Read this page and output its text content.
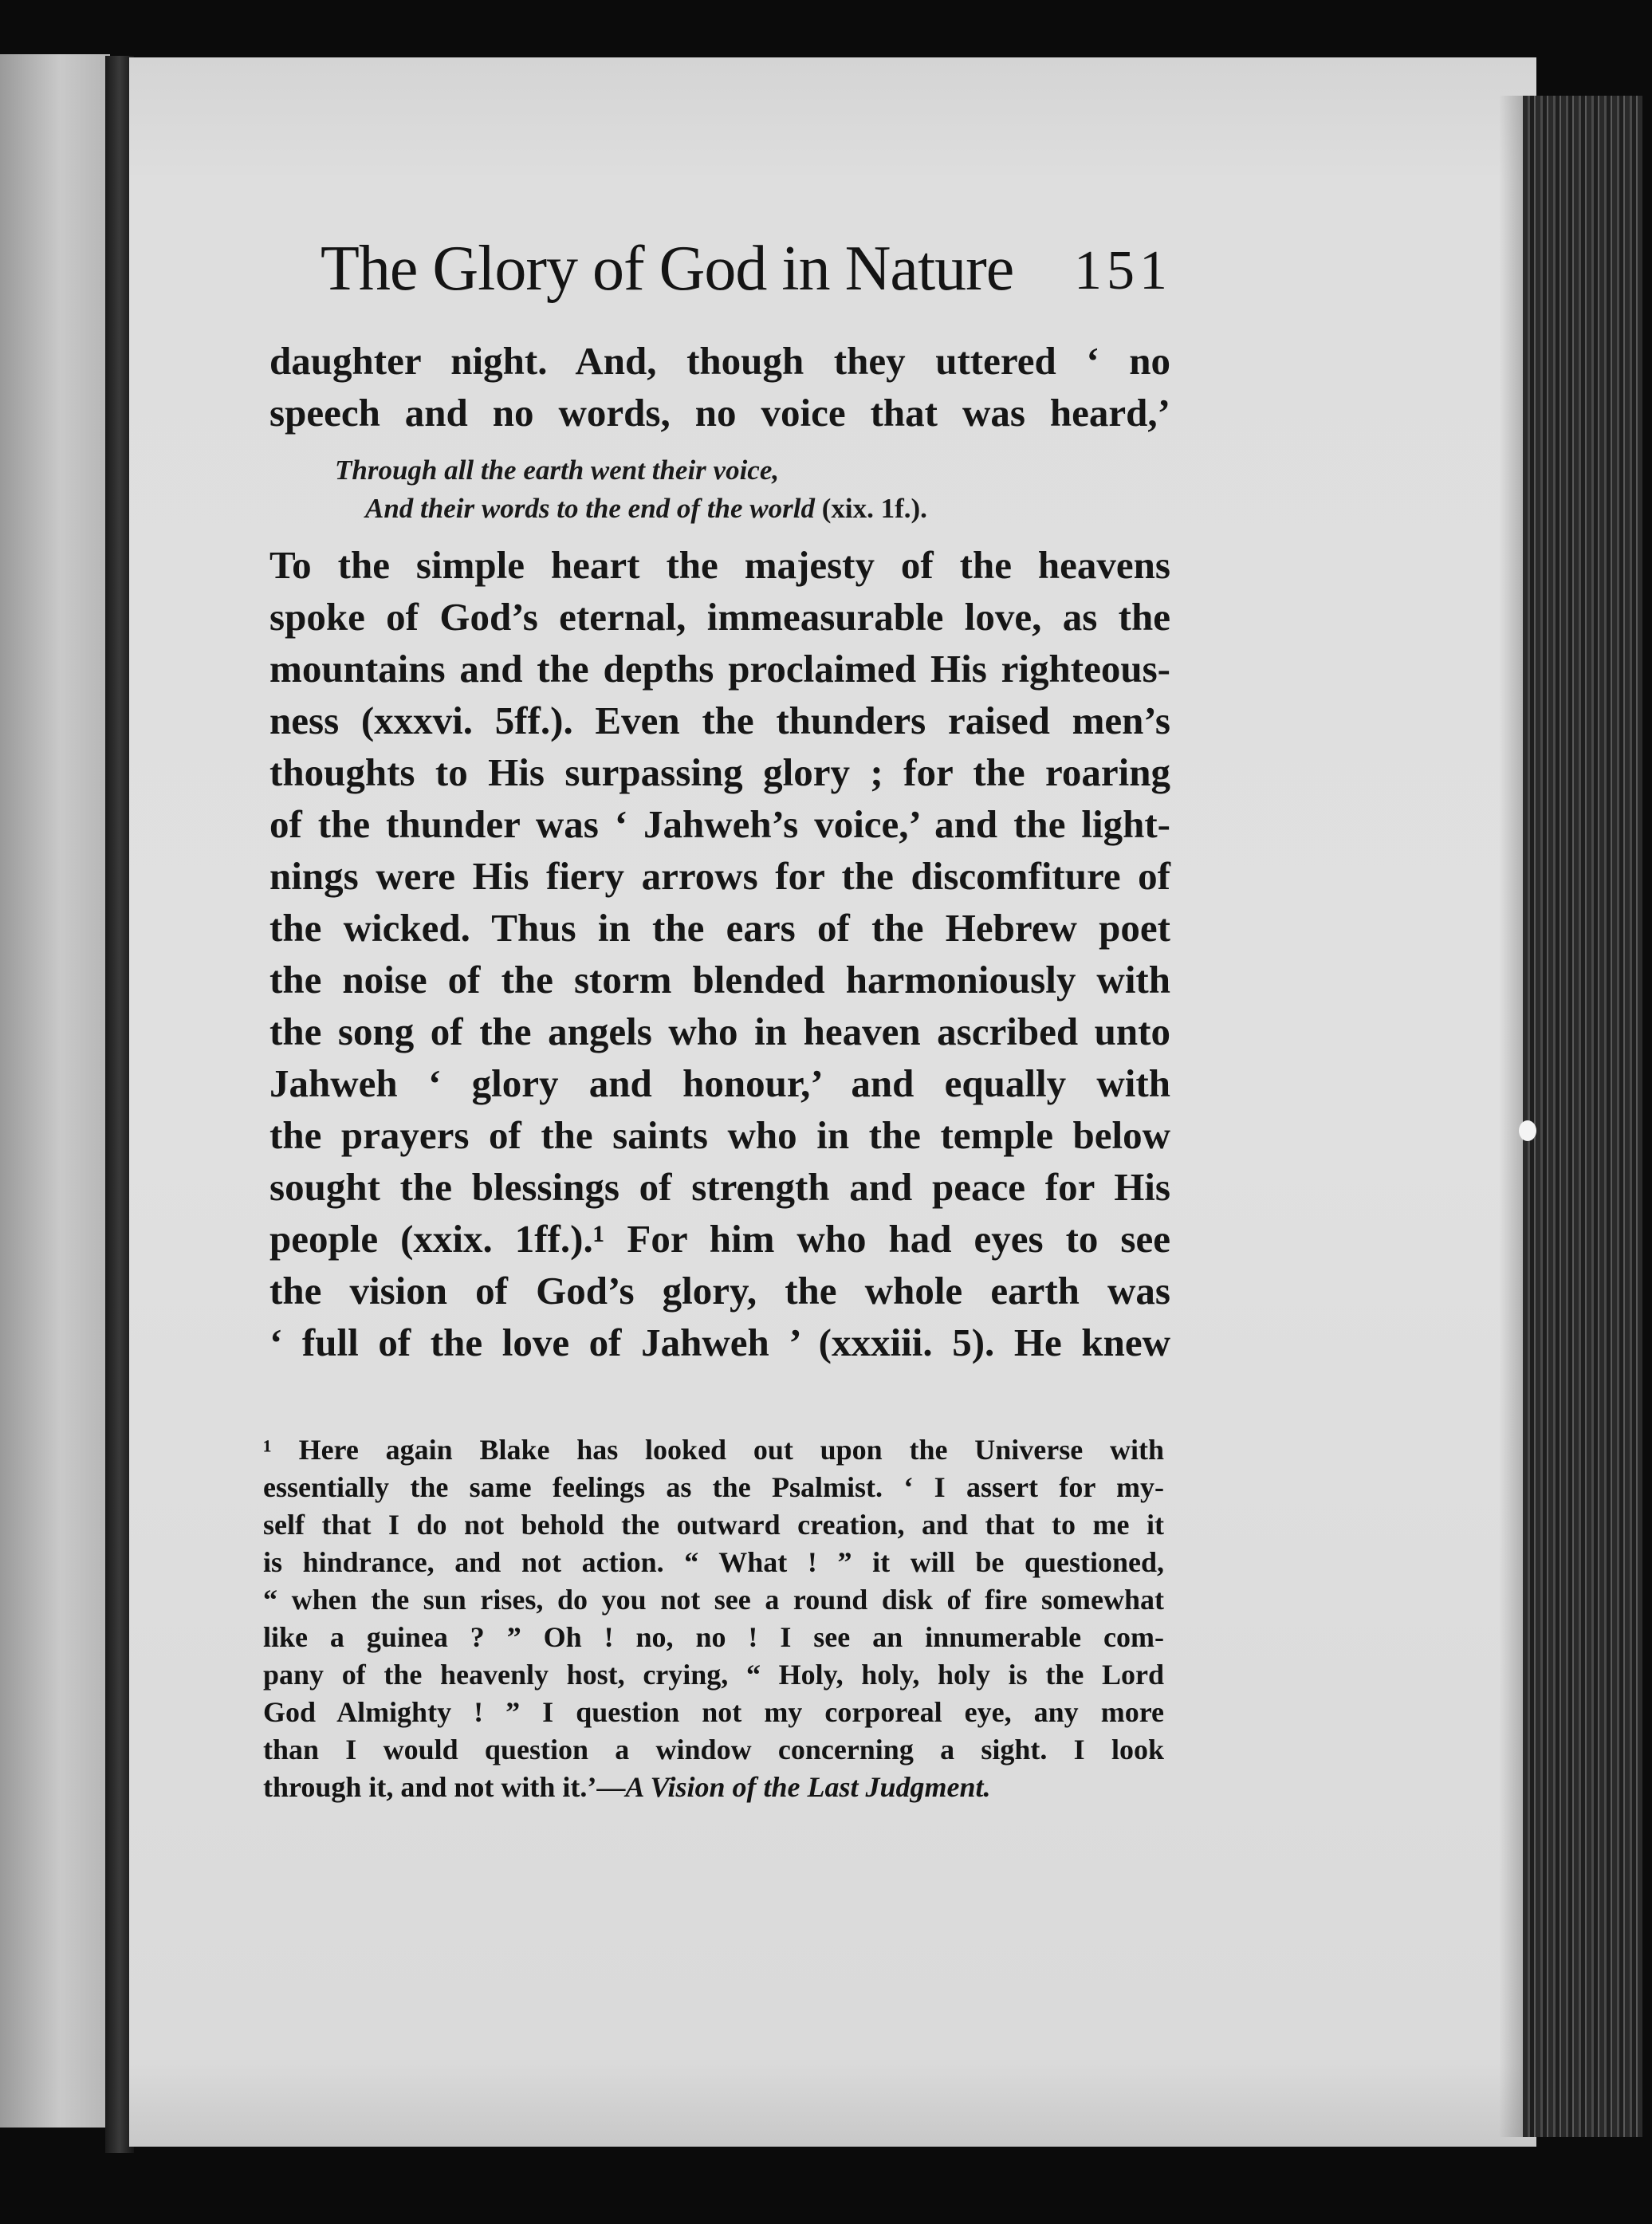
The Glory of God in Nature 151
daughter night. And, though they uttered ‘ no
speech and no words, no voice that was heard,’
Through all the earth went their voice,
And their words to the end of the world (xix. 1f.).
To the simple heart the majesty of the heavens
spoke of God’s eternal, immeasurable love, as the
mountains and the depths proclaimed His righteous-
ness (xxxvi. 5ff.). Even the thunders raised men’s
thoughts to His surpassing glory ; for the roaring
of the thunder was ‘ Jahweh’s voice,’ and the light-
nings were His fiery arrows for the discomfiture of
the wicked. Thus in the ears of the Hebrew poet
the noise of the storm blended harmoniously with
the song of the angels who in heaven ascribed unto
Jahweh ‘ glory and honour,’ and equally with
the prayers of the saints who in the temple below
sought the blessings of strength and peace for His
people (xxix. 1ff.).¹ For him who had eyes to see
the vision of God’s glory, the whole earth was
‘ full of the love of Jahweh ’ (xxxiii. 5). He knew
¹ Here again Blake has looked out upon the Universe with
essentially the same feelings as the Psalmist. ‘ I assert for my-
self that I do not behold the outward creation, and that to me it
is hindrance, and not action. “ What ! ” it will be questioned,
“ when the sun rises, do you not see a round disk of fire somewhat
like a guinea ? ” Oh ! no, no ! I see an innumerable com-
pany of the heavenly host, crying, “ Holy, holy, holy is the Lord
God Almighty ! ” I question not my corporeal eye, any more
than I would question a window concerning a sight. I look
through it, and not with it.’—A Vision of the Last Judgment.
